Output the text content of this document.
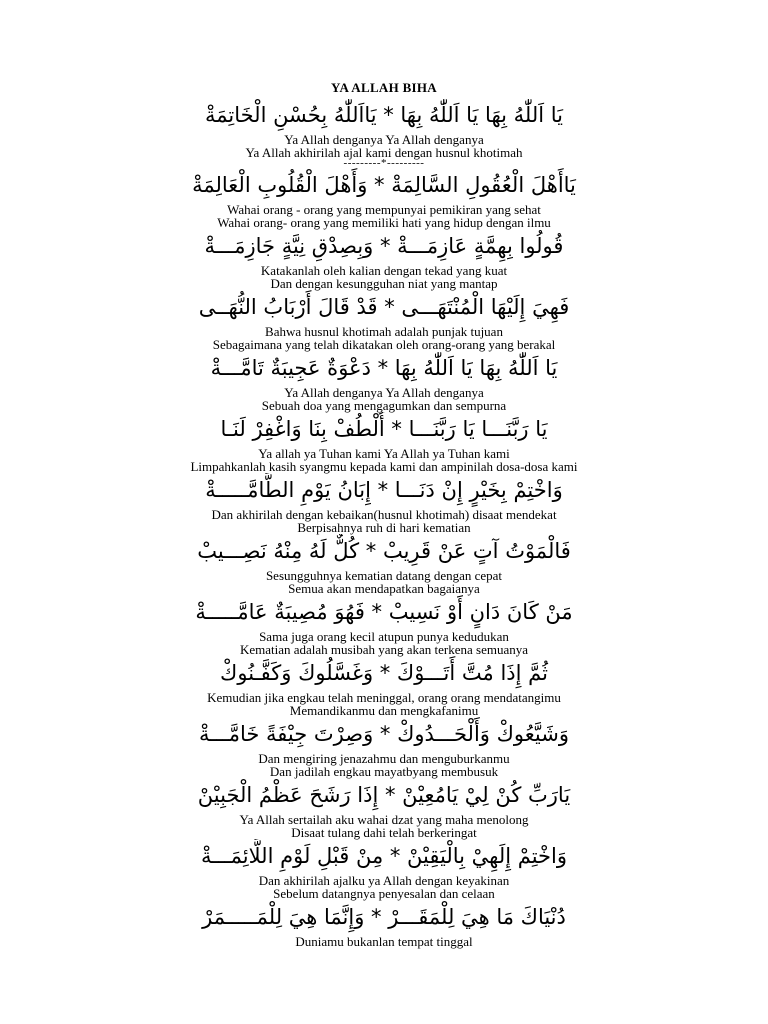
YA ALLAH BIHA
يَا اَللّٰهُ بِهَا يَا اَللّٰهُ بِهَا * يَااَللّٰهُ بِحُسْنِ الْخَاتِمَةْ
Ya Allah denganya Ya Allah denganya
Ya Allah akhirilah ajal kami dengan husnul khotimah
---------*---------
يَاأَهْلَ الْعُقُولِ السَّالِمَةْ * وَأَهْلَ الْقُلُوبِ الْعَالِمَةْ
Wahai orang - orang yang mempunyai pemikiran yang sehat
Wahai orang- orang yang memiliki hati yang hidup dengan ilmu
قُولُوا بِهِمَّةٍ عَازِمَـــةْ * وَبِصِدْقِ نِيَّةٍ جَازِمَـــةْ
Katakanlah oleh kalian dengan tekad yang kuat
Dan dengan kesungguhan niat yang mantap
فَهِيَ إِلَيْهَا الْمُنْتَهَـــى * قَدْ قَالَ أَرْبَابُ النُّهَــى
Bahwa husnul khotimah adalah punjak tujuan
Sebagaimana yang telah dikatakan oleh orang-orang yang berakal
يَا اَللّٰهُ بِهَا يَا اَللّٰهُ بِهَا * دَعْوَةٌ عَجِيبَةٌ تَامَّـــةْ
Ya Allah denganya Ya Allah denganya
Sebuah doa yang mengagumkan dan sempurna
يَا رَبَّنَـــا يَا رَبَّنَـــا * أُلْطُفْ بِنَا وَاغْفِرْ لَنَـا
Ya allah ya Tuhan kami Ya Allah ya Tuhan kami
Limpahkanlah kasih syangmu kepada kami dan ampinilah dosa-dosa kami
وَاخْتِمْ بِخَيْرٍ إِنْ دَنَـــا * إِبَانُ يَوْمِ الطَّامَّـــــةْ
Dan akhirilah dengan kebaikan(husnul khotimah) disaat mendekat
Berpisahnya ruh di hari kematian
فَالْمَوْتُ آتٍ عَنْ قَرِيبْ * كُلٌّ لَهُ مِنْهُ نَصِـــيبْ
Sesungguhnya kematian datang dengan cepat
Semua akan mendapatkan bagaianya
مَنْ كَانَ دَانٍ أَوْ نَسِيبْ * فَهُوَ مُصِيبَةٌ عَامَّـــــةْ
Sama juga orang kecil atupun punya kedudukan
Kematian adalah musibah yang akan terkena semuanya
ثُمَّ إِذَا مُتَّ أَتَـــوْكَ * وَغَسَّلُوكَ وَكَفَّـنُوكْ
Kemudian jika engkau telah meninggal, orang orang mendatangimu
Memandikanmu dan mengkafanimu
وَشَيَّعُوكْ وَأَلْحَـــدُوكْ * وَصِرْتَ جِيْفَةً خَامَّـــةْ
Dan mengiring jenazahmu dan menguburkanmu
Dan jadilah engkau mayatbyang membusuk
يَارَبِّ كُنْ لِيْ يَامُعِيْنْ * إِذَا رَشَحَ عَظْمُ الْجَبِيْنْ
Ya Allah sertailah aku wahai dzat yang maha menolong
Disaat tulang dahi telah berkeringat
وَاخْتِمْ إِلَهِيْ بِالْيَقِيْنْ * مِنْ قَبْلِ لَوْمِ اللَّائِمَـــةْ
Dan akhirilah ajalku ya Allah dengan keyakinan
Sebelum datangnya penyesalan dan celaan
دُنْيَاكَ مَا هِيَ لِلْمَقَـــرْ * وَإِنَّمَا هِيَ لِلْمَـــــمَرْ
Duniamu bukanlan tempat tinggal
